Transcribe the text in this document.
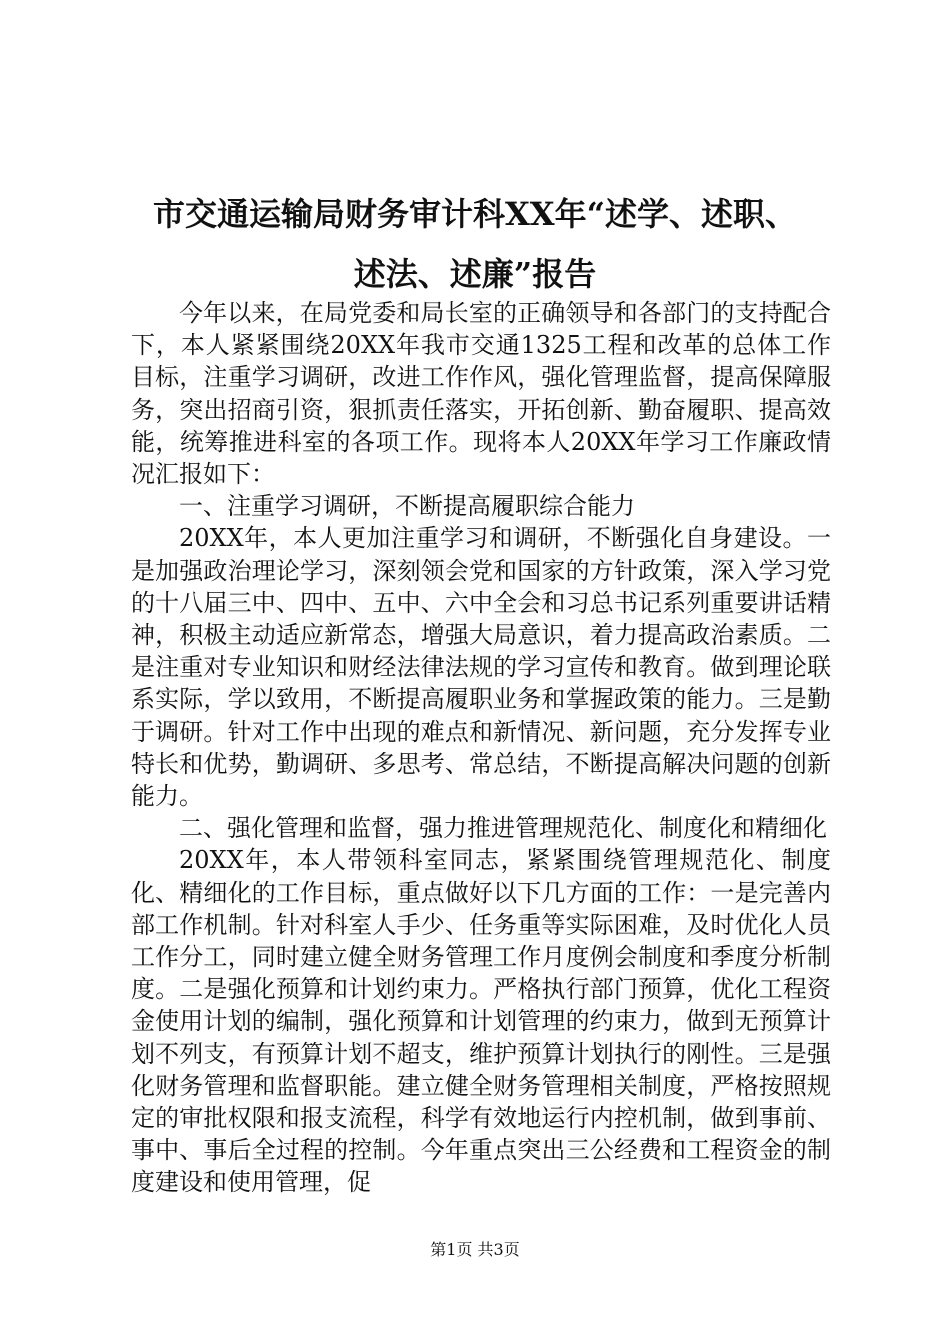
市交通运输局财务审计科XX年“述学、述职、
述法、述廉”报告

今年以来，在局党委和局长室的正确领导和各部门的支持配合下，本人紧紧围绕20XX年我市交通1325工程和改革的总体工作目标，注重学习调研，改进工作作风，强化管理监督，提高保障服务，突出招商引资，狠抓责任落实，开拓创新、勤奋履职、提高效能，统筹推进科室的各项工作。现将本人20XX年学习工作廉政情况汇报如下：

一、注重学习调研，不断提高履职综合能力

20XX年，本人更加注重学习和调研，不断强化自身建设。一是加强政治理论学习，深刻领会党和国家的方针政策，深入学习党的十八届三中、四中、五中、六中全会和习总书记系列重要讲话精神，积极主动适应新常态，增强大局意识，着力提高政治素质。二是注重对专业知识和财经法律法规的学习宣传和教育。做到理论联系实际，学以致用，不断提高履职业务和掌握政策的能力。三是勤于调研。针对工作中出现的难点和新情况、新问题，充分发挥专业特长和优势，勤调研、多思考、常总结，不断提高解决问题的创新能力。

二、强化管理和监督，强力推进管理规范化、制度化和精细化

20XX年，本人带领科室同志，紧紧围绕管理规范化、制度化、精细化的工作目标，重点做好以下几方面的工作：一是完善内部工作机制。针对科室人手少、任务重等实际困难，及时优化人员工作分工，同时建立健全财务管理工作月度例会制度和季度分析制度。二是强化预算和计划约束力。严格执行部门预算，优化工程资金使用计划的编制，强化预算和计划管理的约束力，做到无预算计划不列支，有预算计划不超支，维护预算计划执行的刚性。三是强化财务管理和监督职能。建立健全财务管理相关制度，严格按照规定的审批权限和报支流程，科学有效地运行内控机制，做到事前、事中、事后全过程的控制。今年重点突出三公经费和工程资金的制度建设和使用管理，促

第1页 共3页
